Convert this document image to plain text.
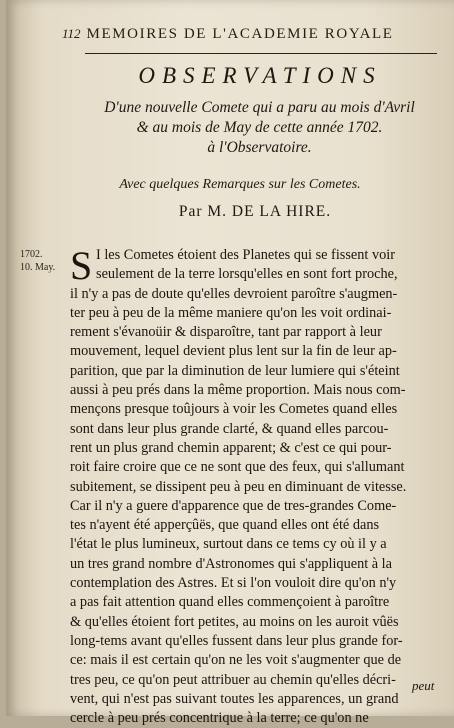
112 MEMOIRES DE L'ACADEMIE ROYALE
OBSERVATIONS
D'une nouvelle Comete qui a paru au mois d'Avril
& au mois de May de cette année 1702.
à l'Observatoire.
Avec quelques Remarques sur les Cometes.
Par M. DE LA HIRE.
1702.
10. May. S I les Cometes étoient des Planetes qui se fissent voir
seulement de la terre lorsqu'elles en sont fort proche,
il n'y a pas de doute qu'elles devroient paroître s'augmen-
ter peu à peu de la même maniere qu'on les voit ordinai-
rement s'évanoüir & disparoître, tant par rapport à leur
mouvement, lequel devient plus lent sur la fin de leur ap-
parition, que par la diminution de leur lumiere qui s'éteint
aussi à peu prés dans la même proportion. Mais nous com-
mençons presque toûjours à voir les Cometes quand elles
sont dans leur plus grande clarté, & quand elles parcou-
rent un plus grand chemin apparent; & c'est ce qui pour-
roit faire croire que ce ne sont que des feux, qui s'allumant
subitement, se dissipent peu à peu en diminuant de vitesse.
Car il n'y a guere d'apparence que de tres-grandes Come-
tes n'ayent été apperçûës, que quand elles ont été dans
l'état le plus lumineux, surtout dans ce tems cy où il y a
un tres grand nombre d'Astronomes qui s'appliquent à la
contemplation des Astres. Et si l'on vouloit dire qu'on n'y
a pas fait attention quand elles commençoient à paroître
& qu'elles étoient fort petites, au moins on les auroit vûës
long-tems avant qu'elles fussent dans leur plus grande for-
ce: mais il est certain qu'on ne les voit s'augmenter que de
tres peu, ce qu'on peut attribuer au chemin qu'elles décri-
vent, qui n'est pas suivant toutes les apparences, un grand
cercle à peu prés concentrique à la terre; ce qu'on ne
peut
